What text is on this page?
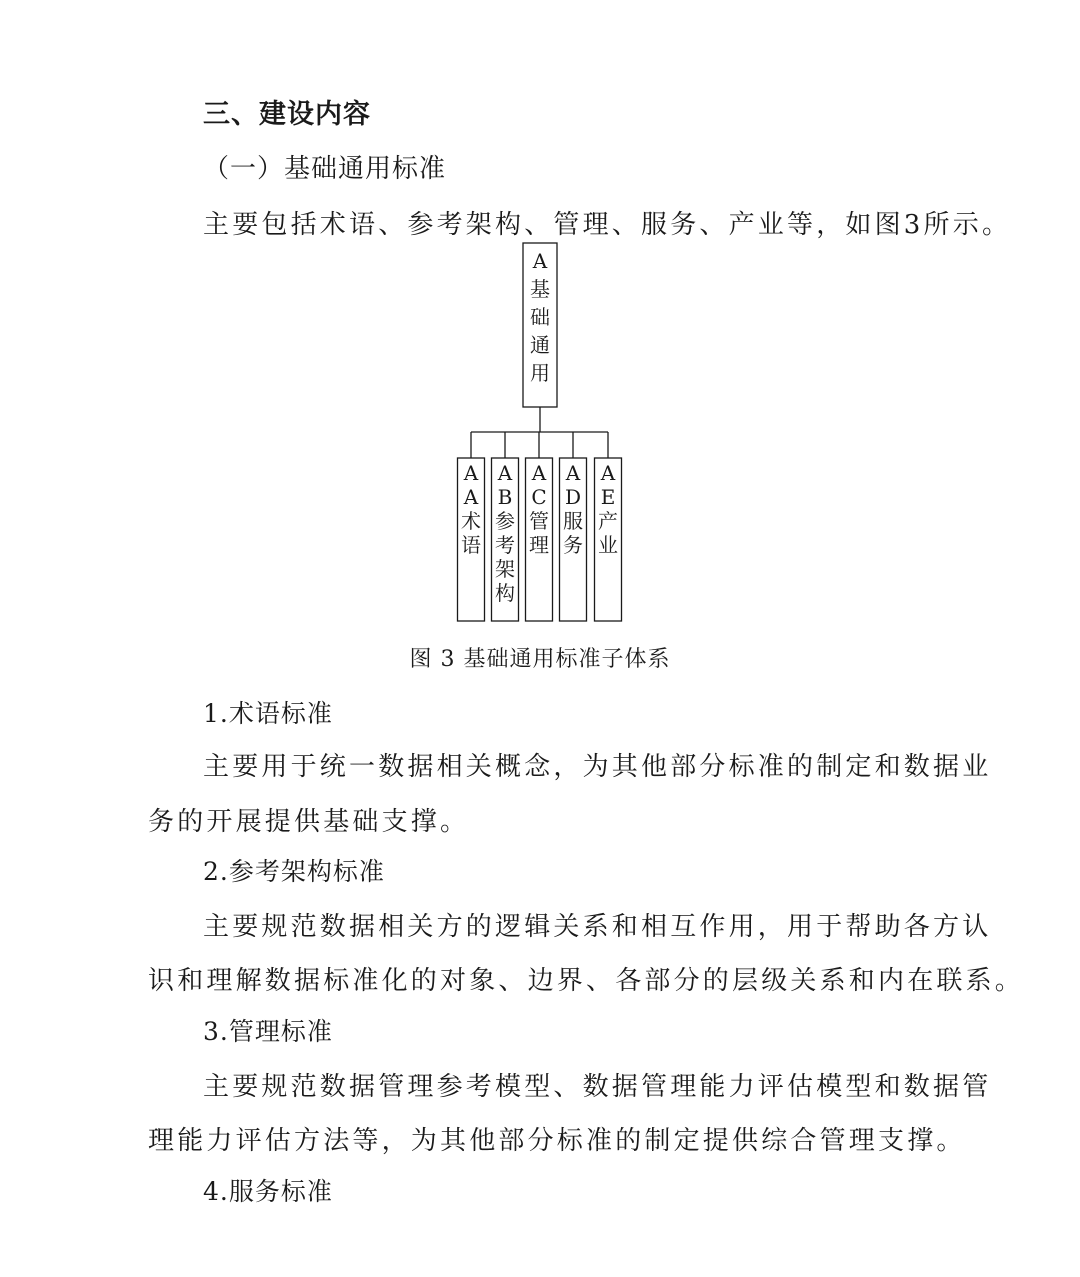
三、建设内容
（一）基础通用标准
主要包括术语、参考架构、管理、服务、产业等，如图3所示。
A 基础通用
A A 术语
A B 参考架构
A C 管理
A D 服务
A E 产业
图 3 基础通用标准子体系
1.术语标准
主要用于统一数据相关概念，为其他部分标准的制定和数据业
务的开展提供基础支撑。
2.参考架构标准
主要规范数据相关方的逻辑关系和相互作用，用于帮助各方认
识和理解数据标准化的对象、边界、各部分的层级关系和内在联系。
3.管理标准
主要规范数据管理参考模型、数据管理能力评估模型和数据管
理能力评估方法等，为其他部分标准的制定提供综合管理支撑。
4.服务标准
